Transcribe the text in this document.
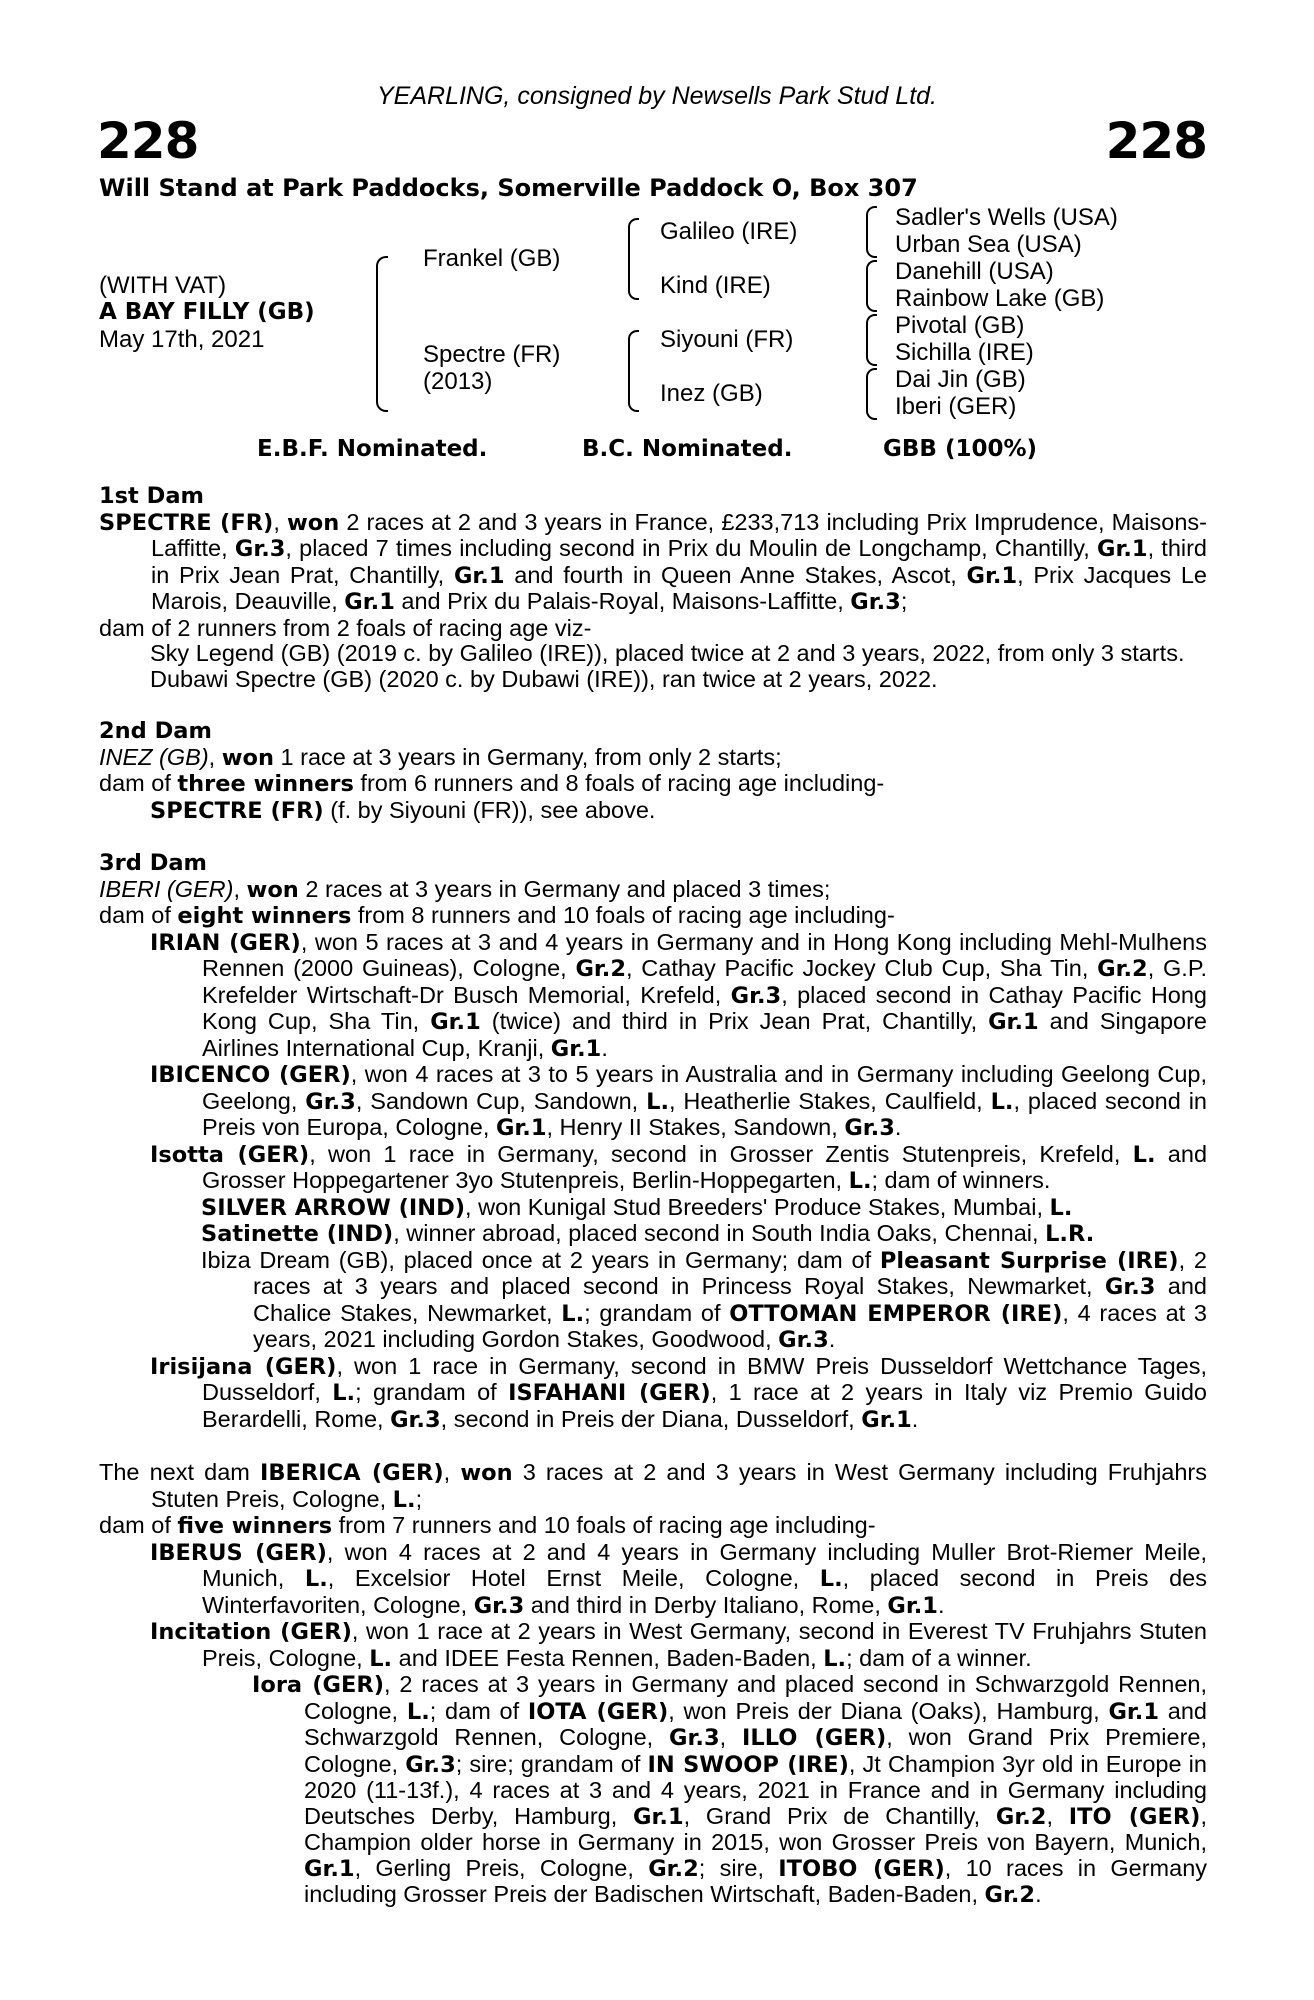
YEARLING, consigned by Newsells Park Stud Ltd.
228	228
Will Stand at Park Paddocks, Somerville Paddock O, Box 307
(WITH VAT)
A BAY FILLY (GB)
May 17th, 2021
Frankel (GB)
Spectre (FR)
(2013)
Galileo (IRE)
Kind (IRE)
Siyouni (FR)
Inez (GB)
Sadler's Wells (USA)
Urban Sea (USA)
Danehill (USA)
Rainbow Lake (GB)
Pivotal (GB)
Sichilla (IRE)
Dai Jin (GB)
Iberi (GER)
E.B.F. Nominated.	B.C. Nominated.	GBB (100%)

1st Dam

SPECTRE (FR), won 2 races at 2 and 3 years in France, £233,713 including Prix Imprudence, Maisons-Laffitte, Gr.3, placed 7 times including second in Prix du Moulin de Longchamp, Chantilly, Gr.1, third in Prix Jean Prat, Chantilly, Gr.1 and fourth in Queen Anne Stakes, Ascot, Gr.1, Prix Jacques Le Marois, Deauville, Gr.1 and Prix du Palais-Royal, Maisons-Laffitte, Gr.3;

dam of 2 runners from 2 foals of racing age viz-

Sky Legend (GB) (2019 c. by Galileo (IRE)), placed twice at 2 and 3 years, 2022, from only 3 starts.

Dubawi Spectre (GB) (2020 c. by Dubawi (IRE)), ran twice at 2 years, 2022.

2nd Dam

INEZ (GB), won 1 race at 3 years in Germany, from only 2 starts;

dam of three winners from 6 runners and 8 foals of racing age including-

SPECTRE (FR) (f. by Siyouni (FR)), see above.

3rd Dam

IBERI (GER), won 2 races at 3 years in Germany and placed 3 times;

dam of eight winners from 8 runners and 10 foals of racing age including-

IRIAN (GER), won 5 races at 3 and 4 years in Germany and in Hong Kong including Mehl-Mulhens Rennen (2000 Guineas), Cologne, Gr.2, Cathay Pacific Jockey Club Cup, Sha Tin, Gr.2, G.P. Krefelder Wirtschaft-Dr Busch Memorial, Krefeld, Gr.3, placed second in Cathay Pacific Hong Kong Cup, Sha Tin, Gr.1 (twice) and third in Prix Jean Prat, Chantilly, Gr.1 and Singapore Airlines International Cup, Kranji, Gr.1.

IBICENCO (GER), won 4 races at 3 to 5 years in Australia and in Germany including Geelong Cup, Geelong, Gr.3, Sandown Cup, Sandown, L., Heatherlie Stakes, Caulfield, L., placed second in Preis von Europa, Cologne, Gr.1, Henry II Stakes, Sandown, Gr.3.

Isotta (GER), won 1 race in Germany, second in Grosser Zentis Stutenpreis, Krefeld, L. and Grosser Hoppegartener 3yo Stutenpreis, Berlin-Hoppegarten, L.; dam of winners.

SILVER ARROW (IND), won Kunigal Stud Breeders' Produce Stakes, Mumbai, L.

Satinette (IND), winner abroad, placed second in South India Oaks, Chennai, L.R.

Ibiza Dream (GB), placed once at 2 years in Germany; dam of Pleasant Surprise (IRE), 2 races at 3 years and placed second in Princess Royal Stakes, Newmarket, Gr.3 and Chalice Stakes, Newmarket, L.; grandam of OTTOMAN EMPEROR (IRE), 4 races at 3 years, 2021 including Gordon Stakes, Goodwood, Gr.3.

Irisijana (GER), won 1 race in Germany, second in BMW Preis Dusseldorf Wettchance Tages, Dusseldorf, L.; grandam of ISFAHANI (GER), 1 race at 2 years in Italy viz Premio Guido Berardelli, Rome, Gr.3, second in Preis der Diana, Dusseldorf, Gr.1.

The next dam IBERICA (GER), won 3 races at 2 and 3 years in West Germany including Fruhjahrs Stuten Preis, Cologne, L.;

dam of five winners from 7 runners and 10 foals of racing age including-

IBERUS (GER), won 4 races at 2 and 4 years in Germany including Muller Brot-Riemer Meile, Munich, L., Excelsior Hotel Ernst Meile, Cologne, L., placed second in Preis des Winterfavoriten, Cologne, Gr.3 and third in Derby Italiano, Rome, Gr.1.

Incitation (GER), won 1 race at 2 years in West Germany, second in Everest TV Fruhjahrs Stuten Preis, Cologne, L. and IDEE Festa Rennen, Baden-Baden, L.; dam of a winner.

Iora (GER), 2 races at 3 years in Germany and placed second in Schwarzgold Rennen, Cologne, L.; dam of IOTA (GER), won Preis der Diana (Oaks), Hamburg, Gr.1 and Schwarzgold Rennen, Cologne, Gr.3, ILLO (GER), won Grand Prix Premiere, Cologne, Gr.3; sire; grandam of IN SWOOP (IRE), Jt Champion 3yr old in Europe in 2020 (11-13f.), 4 races at 3 and 4 years, 2021 in France and in Germany including Deutsches Derby, Hamburg, Gr.1, Grand Prix de Chantilly, Gr.2, ITO (GER), Champion older horse in Germany in 2015, won Grosser Preis von Bayern, Munich, Gr.1, Gerling Preis, Cologne, Gr.2; sire, ITOBO (GER), 10 races in Germany including Grosser Preis der Badischen Wirtschaft, Baden-Baden, Gr.2.
